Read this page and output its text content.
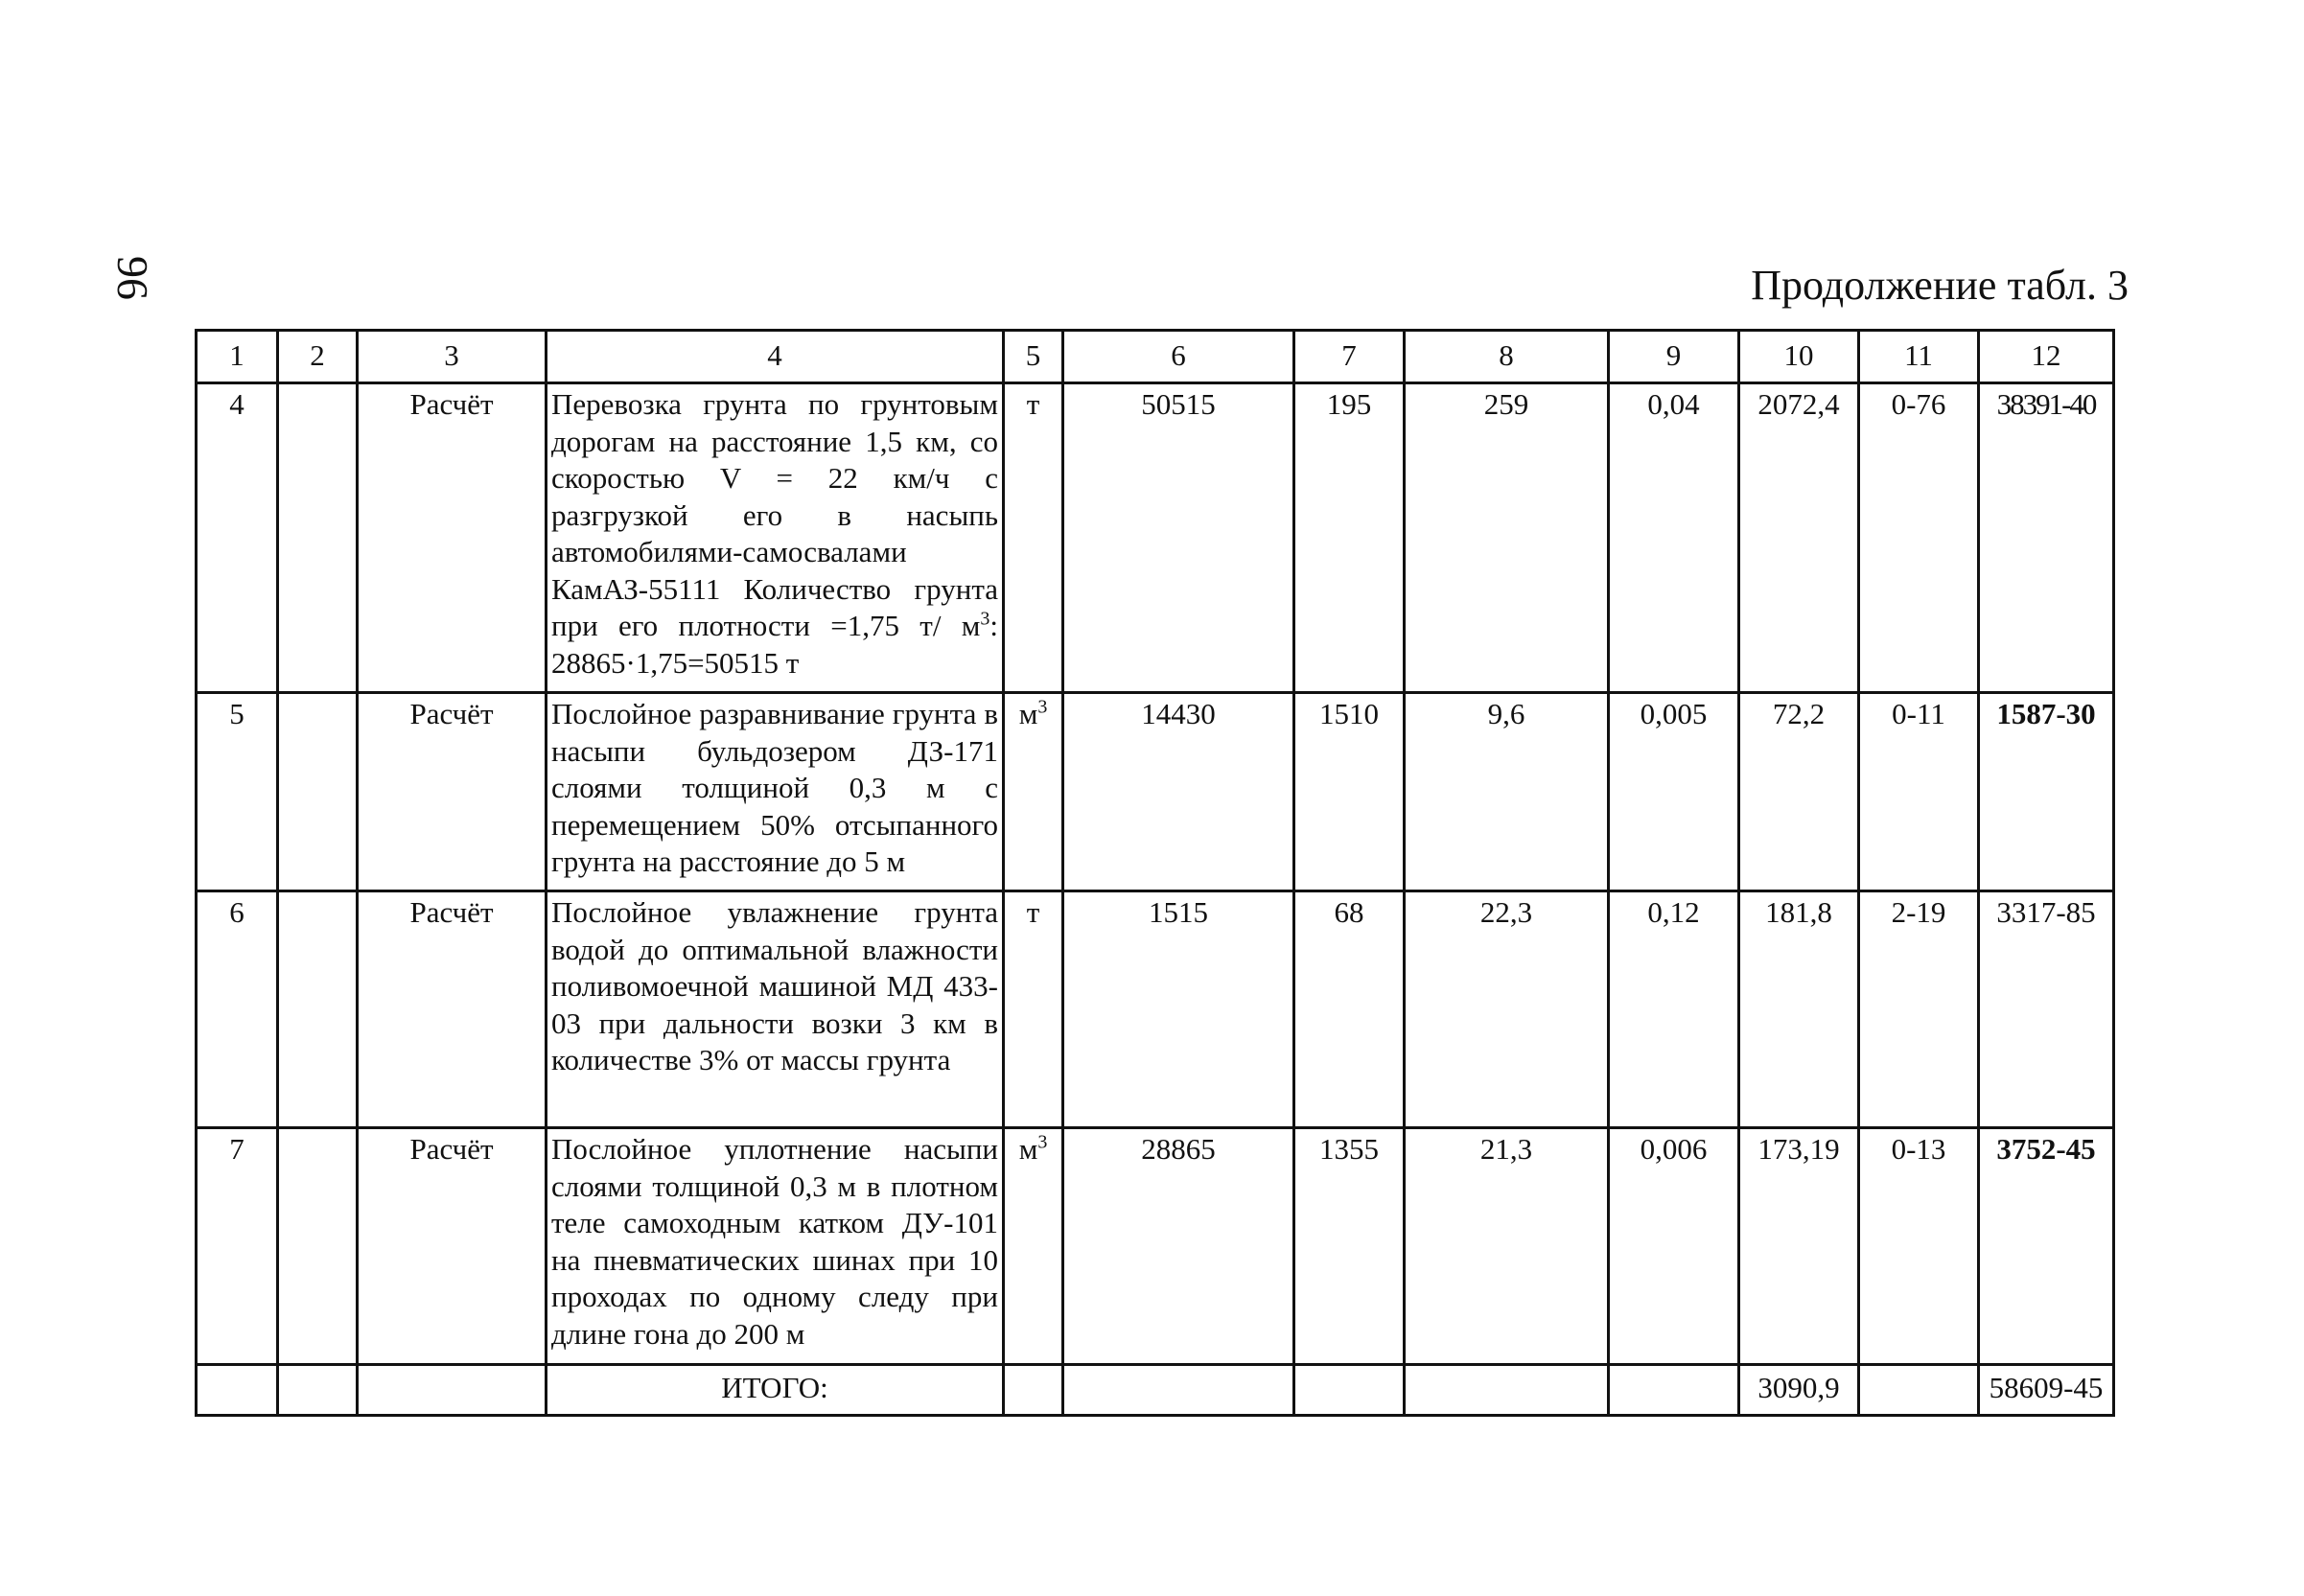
96	Продолжение табл. 3
1	2	3	4	5	6	7	8	9	10	11	12
4		Расчёт	Перевозка грунта по грунтовым дорогам на расстояние 1,5 км, со скоростью V = 22 км/ч с разгрузкой его в насыпь автомобилями-самосвалами КамАЗ-55111 Количество грунта при его плотности =1,75 т/ $м^3$: 28865·1,75=50515 т	т	50515	195	259	0,04	2072,4	0-76	38391-40
5		Расчёт	Послойное разравнивание грунта в насыпи бульдозером ДЗ-171 слоями толщиной 0,3 м с перемещением 50% отсыпанного грунта на расстояние до 5 м	$м^3$	14430	1510	9,6	0,005	72,2	0-11	1587-30
6		Расчёт	Послойное увлажнение грунта водой до оптимальной влажности поливомоечной машиной МД 433-03 при дальности возки 3 км в количестве 3% от массы грунта	т	1515	68	22,3	0,12	181,8	2-19	3317-85
7		Расчёт	Послойное уплотнение насыпи слоями толщиной 0,3 м в плотном теле самоходным катком ДУ-101 на пневматических шинах при 10 проходах по одному следу при длине гона до 200 м	$м^3$	28865	1355	21,3	0,006	173,19	0-13	3752-45
			ИТОГО:						3090,9		58609-45
